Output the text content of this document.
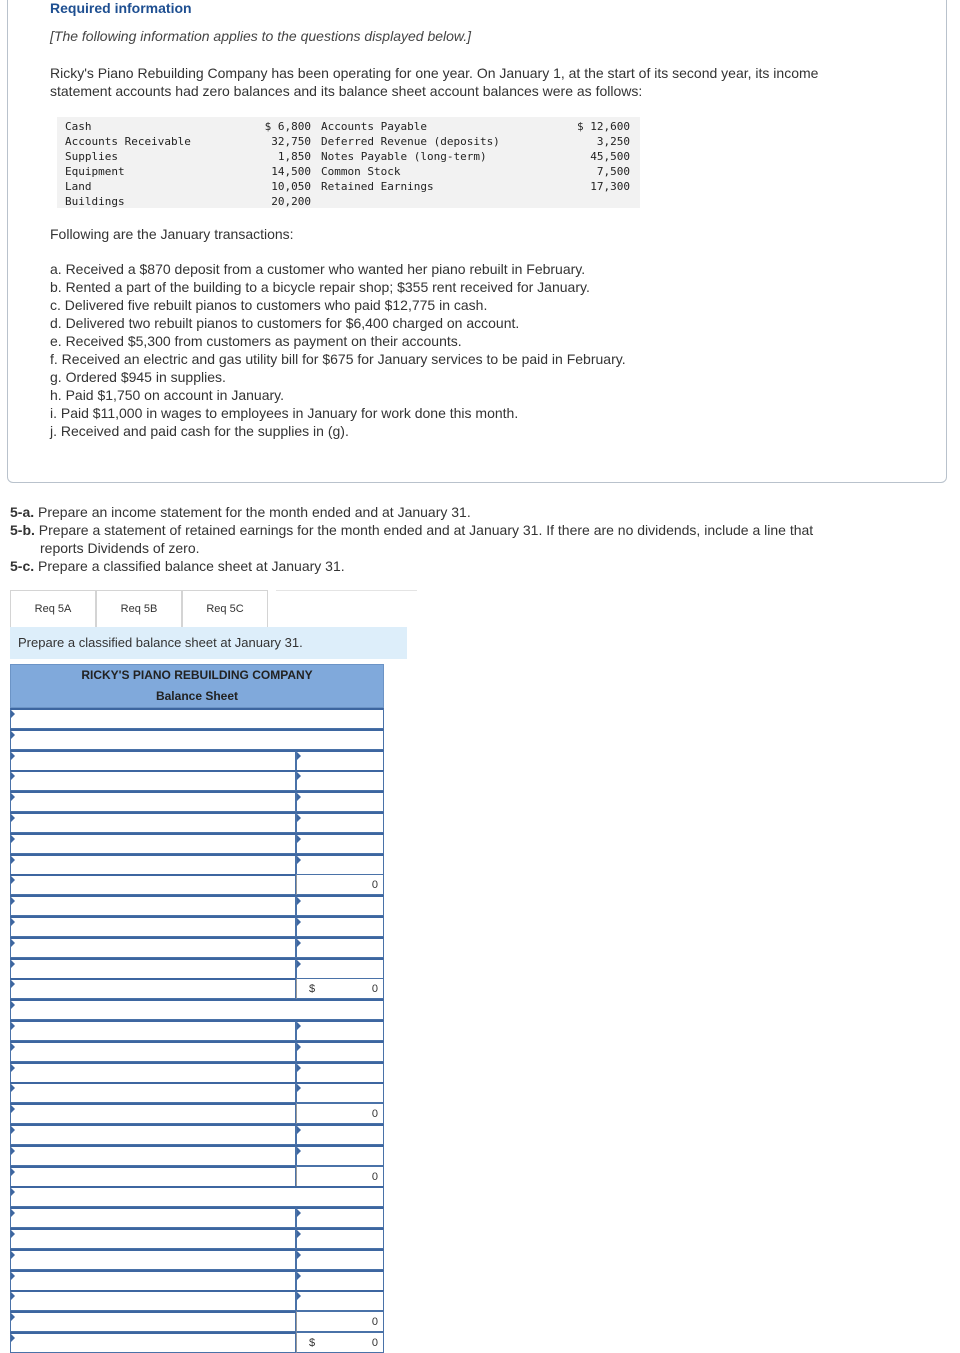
Required information
[The following information applies to the questions displayed below.]
Ricky's Piano Rebuilding Company has been operating for one year. On January 1, at the start of its second year, its income statement accounts had zero balances and its balance sheet account balances were as follows:
Cash	$ 6,800 Accounts Payable	$ 12,600
Accounts Receivable	32,750 Deferred Revenue (deposits)	3,250
Supplies	1,850 Notes Payable (long-term)	45,500
Equipment	14,500 Common Stock	7,500
Land	10,050 Retained Earnings	17,300
Buildings	20,200
Following are the January transactions:
a. Received a $870 deposit from a customer who wanted her piano rebuilt in February.
b. Rented a part of the building to a bicycle repair shop; $355 rent received for January.
c. Delivered five rebuilt pianos to customers who paid $12,775 in cash.
d. Delivered two rebuilt pianos to customers for $6,400 charged on account.
e. Received $5,300 from customers as payment on their accounts.
f. Received an electric and gas utility bill for $675 for January services to be paid in February.
g. Ordered $945 in supplies.
h. Paid $1,750 on account in January.
i. Paid $11,000 in wages to employees in January for work done this month.
j. Received and paid cash for the supplies in (g).
5-a. Prepare an income statement for the month ended and at January 31.
5-b. Prepare a statement of retained earnings for the month ended and at January 31. If there are no dividends, include a line that
reports Dividends of zero.
5-c. Prepare a classified balance sheet at January 31.
Req 5A	Req 5B	Req 5C
Prepare a classified balance sheet at January 31.
RICKY'S PIANO REBUILDING COMPANY
Balance Sheet
0
$	0
0
0
0
$	0
